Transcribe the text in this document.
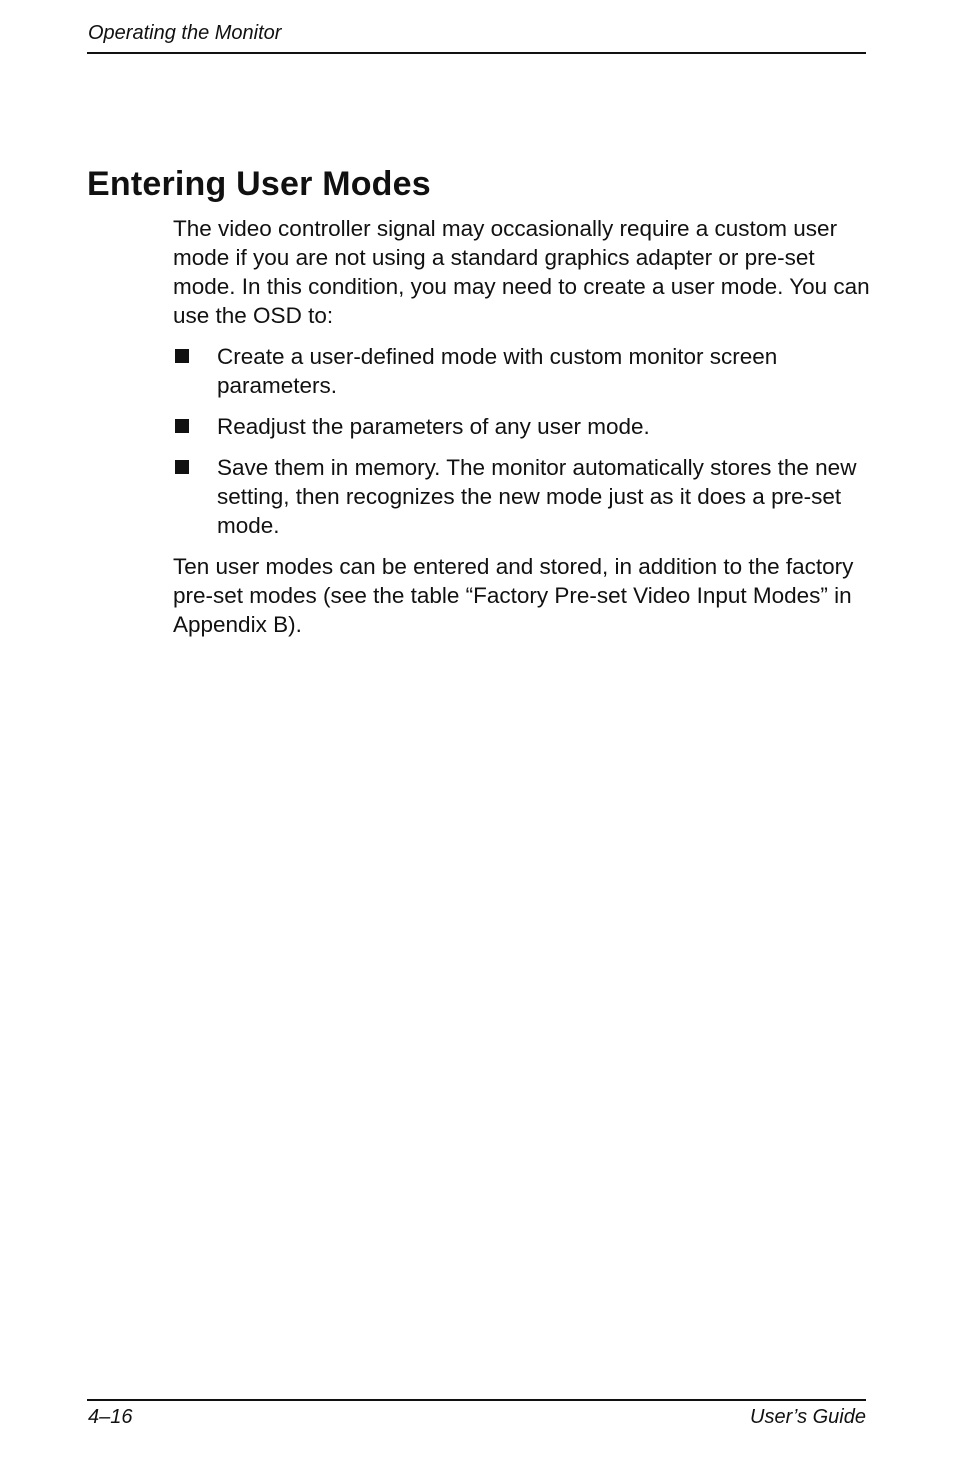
Operating the Monitor
Entering User Modes

The video controller signal may occasionally require a custom user mode if you are not using a standard graphics adapter or pre-set mode. In this condition, you may need to create a user mode. You can use the OSD to:

Create a user-defined mode with custom monitor screen parameters.
Readjust the parameters of any user mode.
Save them in memory. The monitor automatically stores the new setting, then recognizes the new mode just as it does a pre-set mode.

Ten user modes can be entered and stored, in addition to the factory pre-set modes (see the table “Factory Pre-set Video Input Modes” in Appendix B).

4–16	User’s Guide
